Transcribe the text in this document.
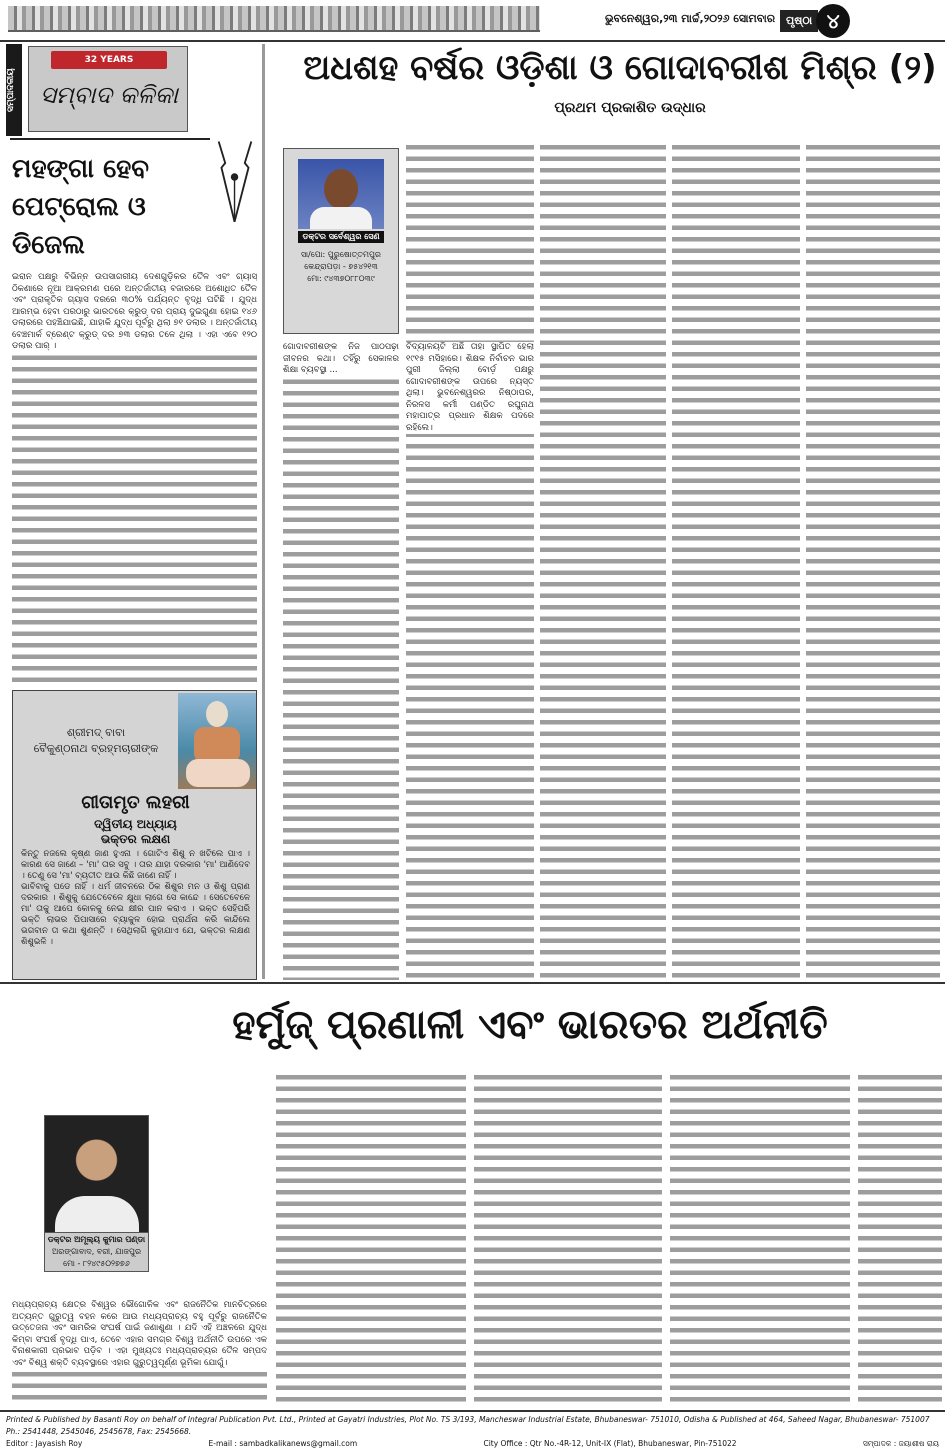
ଭୁବନେଶ୍ୱର,୨୩ ମାର୍ଚ୍ଚ,୨୦୨୬ ସୋମବାର ପୃଷ୍ଠା ୪
ସମ୍ପାଦକୀୟ
32 YEARS
ସମ୍ବାଦ କଳିକା
ମହଙ୍ଗା ହେବ ପେଟ୍ରୋଲ ଓ ଡିଜେଲ
ଇରାନ ପକ୍ଷରୁ ବିଭିନ୍ନ ଉପସାଗରୀୟ ଦେଶଗୁଡ଼ିକର ତୈଳ ଏବଂ ଗ୍ୟାସ୍ ଠିକଣାରେ ନୂଆ ଆକ୍ରମଣ ପରେ ଅନ୍ତର୍ଜାତୀୟ ବଜାରରେ ଅଶୋଧିତ ତୈଳ ଏବଂ ପ୍ରାକୃତିକ ଗ୍ୟାସ ଦରରେ ୩୦% ପର୍ଯ୍ୟନ୍ତ ବୃଦ୍ଧି ଘଟିଛି । ଯୁଦ୍ଧ ଆରମ୍ଭ ହେବା ପରଠାରୁ ଭାରତରେ କ୍ରୁଡ୍ ଦର ପ୍ରାୟ ଦୁଇଗୁଣା ହୋଇ ୧୪୬ ଡଲାରରେ ପହଞ୍ଚିଯାଇଛି, ଯାହାକି ଯୁଦ୍ଧ ପୂର୍ବରୁ ଥିଲା ୭୧ ଡଲାର । ଅନ୍ତର୍ଜାତୀୟ ବେଞ୍ଚମାର୍କ ବ୍ରେଣ୍ଟ କ୍ରୁଡ୍ ଦର ୭୩ ଡଲାର ତଳେ ଥିଲା । ଏହା ଏବେ ୧୨୦ ଡଲାର ପାର୍ ।
ଶ୍ରୀମଦ୍ ବାବା
ବୈକୁଣ୍ଠନାଥ ବ୍ରହ୍ମଚାରୀଙ୍କ
ଗୀତାମୃତ ଲହରୀ
ଦ୍ୱିତୀୟ ଅଧ୍ୟାୟ
ଭକ୍ତର ଲକ୍ଷଣ
କିନ୍ତୁ ନଜଲେ କୃଷ୍ଣ ଜାଣ ହୁଏନା । ଗୋଟିଏ ଶିଶୁ ନ ଖଟିଲେ ପାଏ । କାରଣ ସେ ଜାଣେ – 'ମା' ତାର ସବୁ । ତାର ଯାହା ଦରକାର 'ମା' ଆଣିଦେବ । ତେଣୁ ସେ 'ମା' ବ୍ୟତୀତ ଆଉ କିଛି ଜାଣେ ନାହିଁ ।
ଭାବିବାକୁ ପଡେ ନାହିଁ । ଧର୍ମ ଜୀବନରେ ଠିକ ଶିଶୁର ମନ ଓ ଶିଶୁ ପ୍ରାଣ ଦରକାର । ଶିଶୁକୁ ଯେତେବେଳେ କ୍ଷୁଧା ଲାଗେ ସେ କାନ୍ଦେ । ସେତେବେଳେ ମା' ତାକୁ ଆପେ କୋଳକୁ ନେଇ କ୍ଷୀର ପାନ କରାଏ । ଭକ୍ତ ସେହିପରି ଭକ୍ତି ଲାଭର ପିପାସାରେ ବ୍ୟାକୁଳ ହୋଇ ପ୍ରାର୍ଥନା କରି କାନ୍ଦିଲେ ଭଗବାନ ତା କଥା ଶୁଣନ୍ତି । ସେଥିଲାଗି କୁହାଯାଏ ଯେ, ଭକ୍ତର ଲକ୍ଷଣ ଶିଶୁଭଳି ।
ଅଧଶହ ବର୍ଷର ଓଡ଼ିଶା ଓ ଗୋଦାବରୀଶ ମିଶ୍ର (୨)
ପ୍ରଥମ ପ୍ରକାଶିତ ଉଦ୍ଧାର
ଡକ୍ଟର ସର୍ବେଶ୍ୱର ସେଣ
ସା/ପୋ: ପୁରୁଷୋତ୍ତମପୁର
କେନ୍ଦ୍ରାପଡ଼ା - ୭୫୪୨୧୩
ମୋ: ୯୪୩୭୦୮୮୦୩୯
ଗୋଦାବରୀଶଙ୍କ ନିଜ ପାଠପଢ଼ା ଜୀବନର କଥା। ତହିଁରୁ ସେକାଳର ଶିକ୍ଷା ବ୍ୟବସ୍ଥା ...
ବିଦ୍ୟାଳୟଟି ଅଛି ତାହା ସ୍ଥାପିତ ହେଲା ୧୯୧୫ ମସିହାରେ। ଶିକ୍ଷକ ନିର୍ବାଚନ ଭାର ପୁରୀ ଜିଲ୍ଲା ବୋର୍ଡ଼ ପକ୍ଷରୁ ଗୋଦାବରୀଶଙ୍କ ଉପରେ ନ୍ୟସ୍ତ ଥିଲା। ଭୁବନେଶ୍ୱରର ନିଷ୍ଠାପର, ନିରଳସ କର୍ମୀ ପଣ୍ଡିତ ରଘୁନାଥ ମହାପାତ୍ର ପ୍ରଧାନ ଶିକ୍ଷକ ପଦରେ ରହିଲେ।
ହର୍ମୁଜ୍ ପ୍ରଣାଳୀ ଏବଂ ଭାରତର ଅର୍ଥନୀତି
ଡକ୍ଟର ଅମୂଲ୍ୟ କୁମାର ପଣ୍ଡା
ଅରଙ୍ଗାବାଦ, ବରୀ, ଯାଜପୁର
ମୋ - ୮୨୪୯୫୦୨୭୭୬
ମଧ୍ୟପ୍ରାଚ୍ୟ କ୍ଷେତ୍ର ବିଶ୍ୱର ଭୌଗୋଳିକ ଏବଂ ରାଜନୈତିକ ମାନଚିତ୍ରରେ ଅତ୍ୟନ୍ତ ଗୁରୁତ୍ୱ ବହନ କରେ ଆଉ ମଧ୍ୟପ୍ରାଚ୍ୟ ବହୁ ପୂର୍ବରୁ ରାଜନୈତିକ ଉତ୍ତେଜନା ଏବଂ ସାମରିକ ସଂଘର୍ଷ ପାଇଁ ଜଣାଶୁଣା । ଯଦି ଏହି ଅଞ୍ଚଳରେ ଯୁଦ୍ଧ କିମ୍ବା ସଂଘର୍ଷ ବୃଦ୍ଧି ପାଏ, ତେବେ ଏହାର ସମଗ୍ର ବିଶ୍ୱ ଅର୍ଥନୀତି ଉପରେ ଏକ ବିନାଶକାରୀ ପ୍ରଭାବ ପଡ଼ିବ । ଏହା ମୁଖ୍ୟତଃ ମଧ୍ୟପ୍ରାଚ୍ୟର ତୈଳ ସମ୍ପଦ ଏବଂ ବିଶ୍ୱ ଶକ୍ତି ବ୍ୟବସ୍ଥାରେ ଏହାର ଗୁରୁତ୍ୱପୂର୍ଣ୍ଣ ଭୂମିକା ଯୋଗୁଁ।
Printed & Published by Basanti Roy on behalf of Integral Publication Pvt. Ltd., Printed at Gayatri Industries, Plot No. TS 3/193, Mancheswar Industrial Estate, Bhubaneswar- 751010, Odisha & Published at 464, Saheed Nagar, Bhubaneswar- 751007 Ph.: 2541448, 2545046, 2545678, Fax: 2545668.
Editor : Jayasish Roy	E-mail : sambadkalikanews@gmail.com	City Office : Qtr No.-4R-12, Unit-IX (Flat), Bhubaneswar, Pin-751022	ସମ୍ପାଦକ : ଜୟାଶୀଷ ରାୟ
